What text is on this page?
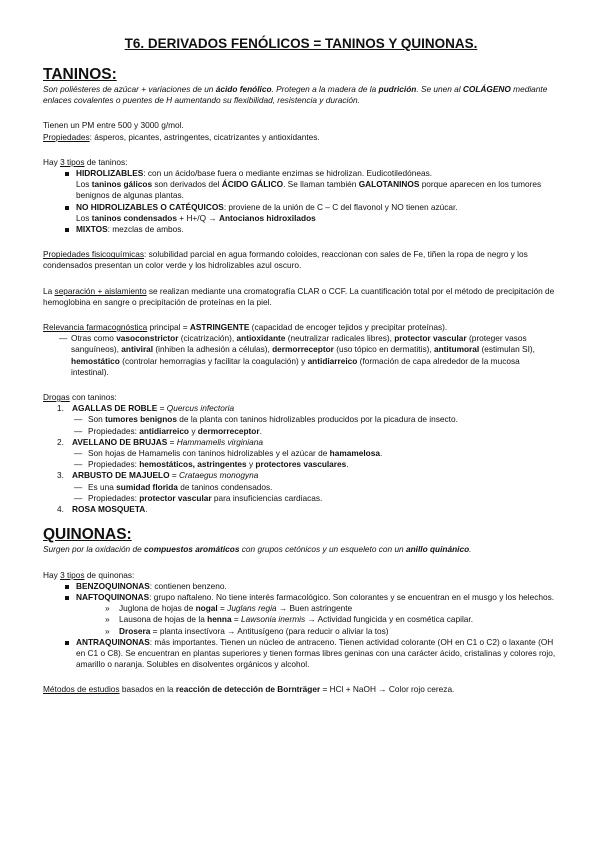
T6. DERIVADOS FENÓLICOS = TANINOS Y QUINONAS.
TANINOS:

Son poliésteres de azúcar + variaciones de un ácido fenólico. Protegen a la madera de la pudrición. Se unen al COLÁGENO mediante enlaces covalentes o puentes de H aumentando su flexibilidad, resistencia y duración.

Tienen un PM entre 500 y 3000 g/mol.

Propiedades: ásperos, picantes, astringentes, cicatrizantes y antioxidantes.

Hay 3 tipos de taninos:

HIDROLIZABLES: con un ácido/base fuera o mediante enzimas se hidrolizan. Eudicotiledóneas.
Los taninos gálicos son derivados del ÁCIDO GÁLICO. Se llaman también GALOTANINOS porque aparecen en los tumores benignos de algunas plantas.
NO HIDROLIZABLES O CATÉQUICOS: proviene de la unión de C – C del flavonol y NO tienen azúcar.
Los taninos condensados + H+/Q → Antocianos hidroxilados
MIXTOS: mezclas de ambos.

Propiedades fisicoquímicas: solubilidad parcial en agua formando coloides, reaccionan con sales de Fe, tiñen la ropa de negro y los condensados presentan un color verde y los hidrolizables azul oscuro.

La separación + aislamiento se realizan mediante una cromatografía CLAR o CCF. La cuantificación total por el método de precipitación de hemoglobina en sangre o precipitación de proteínas en la piel.

Relevancia farmacognóstica principal = ASTRINGENTE (capacidad de encoger tejidos y precipitar proteínas).

— Otras como vasoconstrictor (cicatrización), antioxidante (neutralizar radicales libres), protector vascular (proteger vasos sanguíneos), antiviral (inhiben la adhesión a células), dermorreceptor (uso tópico en dermatitis), antitumoral (estimulan SI), hemostático (controlar hemorragias y facilitar la coagulación) y antidiarreico (formación de capa alrededor de la mucosa intestinal).

Drogas con taninos:

1. AGALLAS DE ROBLE = Quercus infectoria
— Son tumores benignos de la planta con taninos hidrolizables producidos por la picadura de insecto.
— Propiedades: antidiarreico y dermorreceptor.
2. AVELLANO DE BRUJAS = Hammamelis virginiana
— Son hojas de Hamamelis con taninos hidrolizables y el azúcar de hamamelosa.
— Propiedades: hemostáticos, astringentes y protectores vasculares.
3. ARBUSTO DE MAJUELO = Crataegus monogyna
— Es una sumidad florida de taninos condensados.
— Propiedades: protector vascular para insuficiencias cardiacas.
4. ROSA MOSQUETA.
QUINONAS:

Surgen por la oxidación de compuestos aromáticos con grupos cetónicos y un esqueleto con un anillo quinánico.

Hay 3 tipos de quinonas:

BENZOQUINONAS: contienen benzeno.
NAFTOQUINONAS: grupo naftaleno. No tiene interés farmacológico. Son colorantes y se encuentran en el musgo y los helechos.
» Juglona de hojas de nogal = Juglans regia → Buen astringente
» Lausona de hojas de la henna = Lawsonia inermis → Actividad fungicida y en cosmética capilar.
» Drosera = planta insectívora → Antitusígeno (para reducir o aliviar la tos)
ANTRAQUINONAS: más importantes. Tienen un núcleo de antraceno. Tienen actividad colorante (OH en C1 o C2) o laxante (OH en C1 o C8). Se encuentran en plantas superiores y tienen formas libres geninas con una carácter ácido, cristalinas y colores rojo, amarillo o naranja. Solubles en disolventes orgánicos y alcohol.

Métodos de estudios basados en la reacción de detección de Bornträger = HCl + NaOH → Color rojo cereza.
